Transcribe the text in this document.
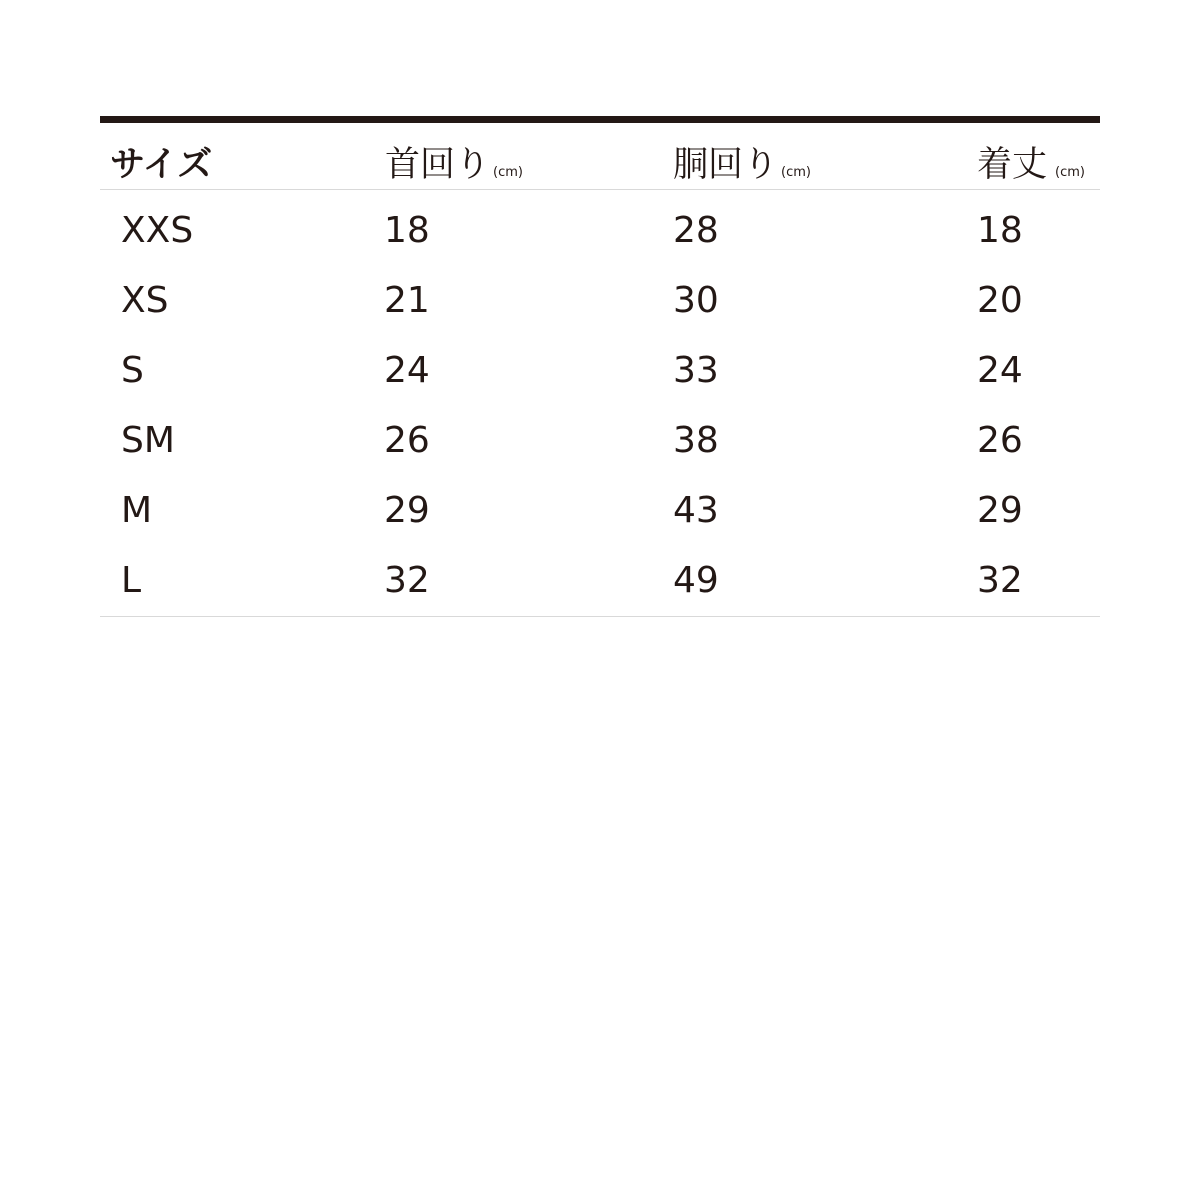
サイズ	首回り (cm)	胴回り (cm)	着丈 (cm)
XXS	18	28	18
XS	21	30	20
S	24	33	24
SM	26	38	26
M	29	43	29
L	32	49	32
